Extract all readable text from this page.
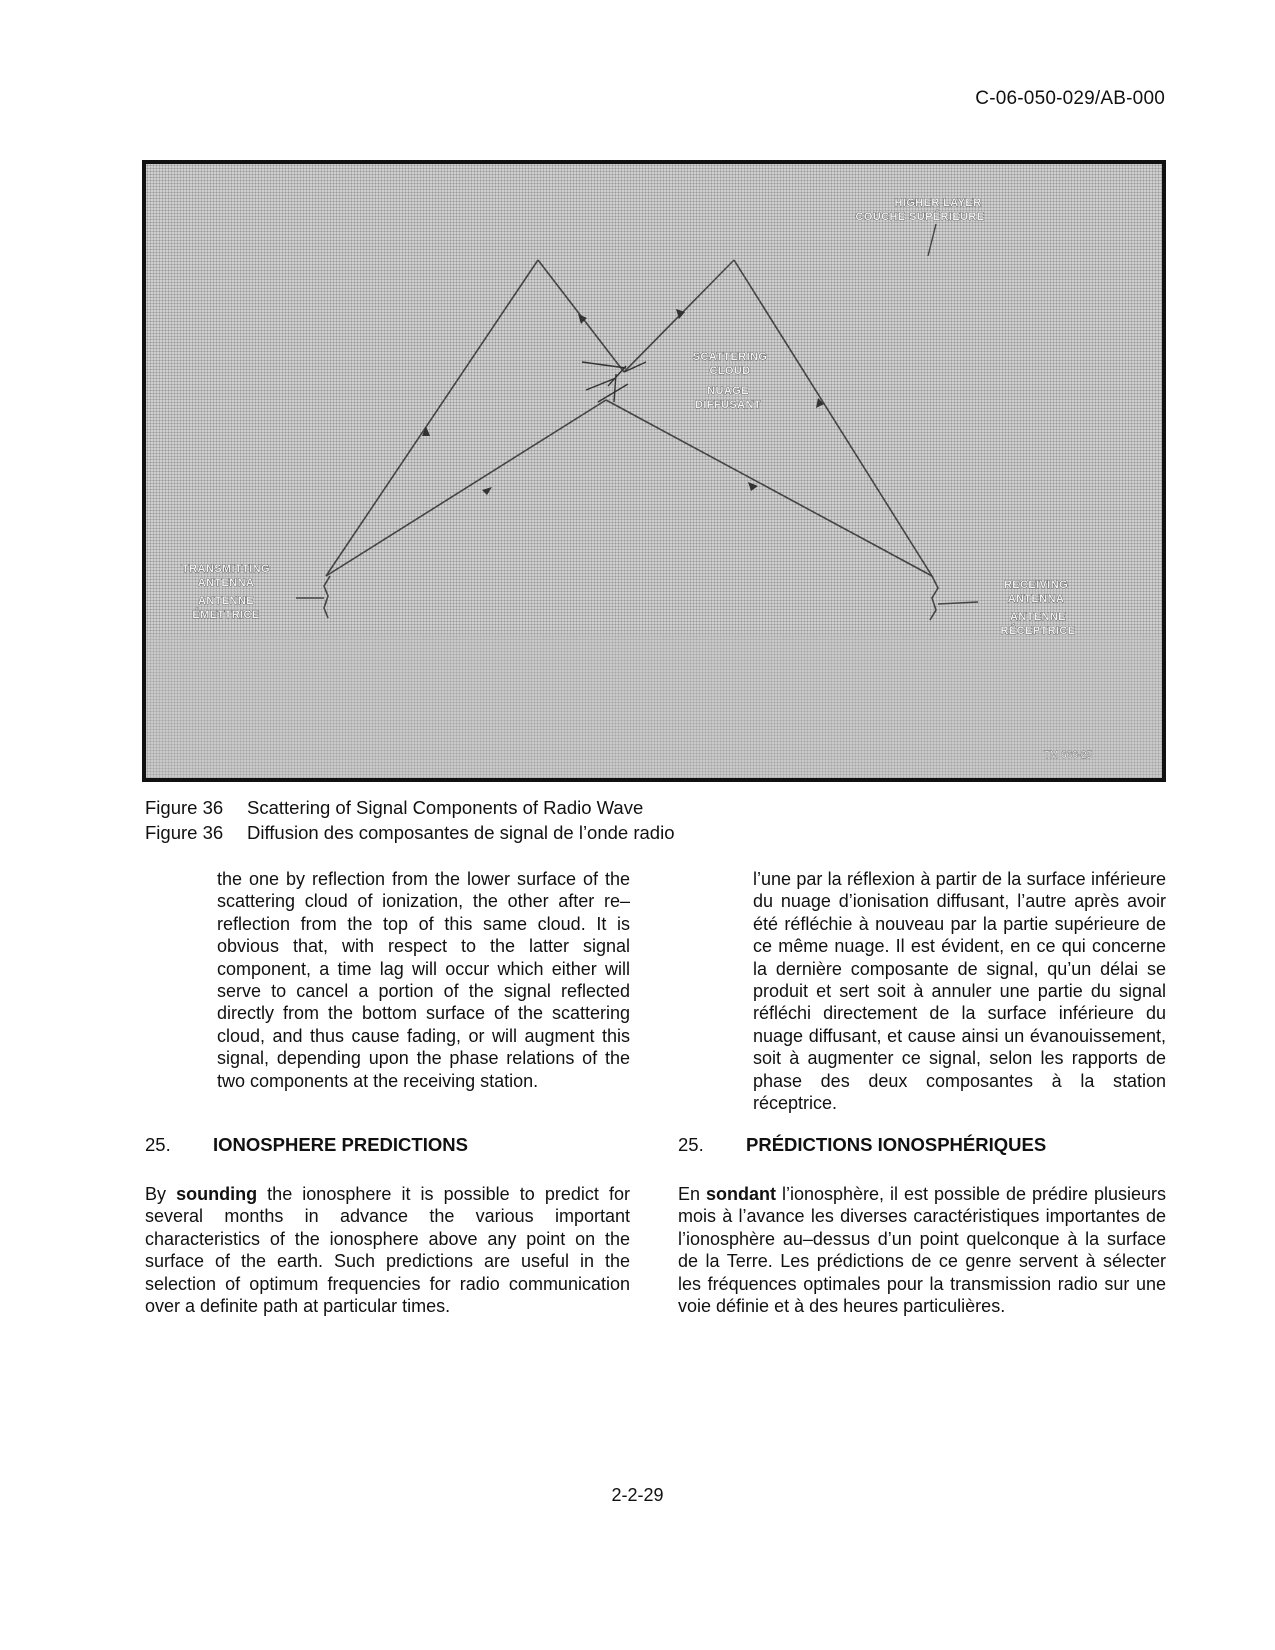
C-06-050-029/AB-000
HIGHER LAYER
COUCHE SUPÉRIEURE
SCATTERING
CLOUD
NUAGE
DIFFUSANT
TRANSMITTING
ANTENNA
ANTENNE
ÉMETTRICE
RECEIVING
ANTENNA
ANTENNE
RÉCEPTRICE
TM 666-25
Figure 36 Scattering of Signal Components of Radio Wave
Figure 36 Diffusion des composantes de signal de l’onde radio

the one by reflection from the lower surface of the scattering cloud of ionization, the other after re–reflection from the top of this same cloud. It is obvious that, with respect to the latter signal component, a time lag will occur which either will serve to cancel a portion of the signal reflected directly from the bottom surface of the scattering cloud, and thus cause fading, or will augment this signal, depending upon the phase relations of the two components at the receiving station.

l’une par la réflexion à partir de la surface inférieure du nuage d’ionisation diffusant, l’autre après avoir été réfléchie à nouveau par la partie supérieure de ce même nuage. Il est évident, en ce qui concerne la dernière composante de signal, qu’un délai se produit et sert soit à annuler une partie du signal réfléchi directement de la surface inférieure du nuage diffusant, et cause ainsi un évanouissement, soit à augmenter ce signal, selon les rapports de phase des deux composantes à la station réceptrice.

25. IONOSPHERE PREDICTIONS	25. PRÉDICTIONS IONOSPHÉRIQUES

By sounding the ionosphere it is possible to predict for several months in advance the various important characteristics of the ionosphere above any point on the surface of the earth. Such predictions are useful in the selection of optimum frequencies for radio communication over a definite path at particular times.

En sondant l’ionosphère, il est possible de prédire plusieurs mois à l’avance les diverses caractéristiques importantes de l’ionosphère au–dessus d’un point quelconque à la surface de la Terre. Les prédictions de ce genre servent à sélecter les fréquences optimales pour la transmission radio sur une voie définie et à des heures particulières.

2-2-29
